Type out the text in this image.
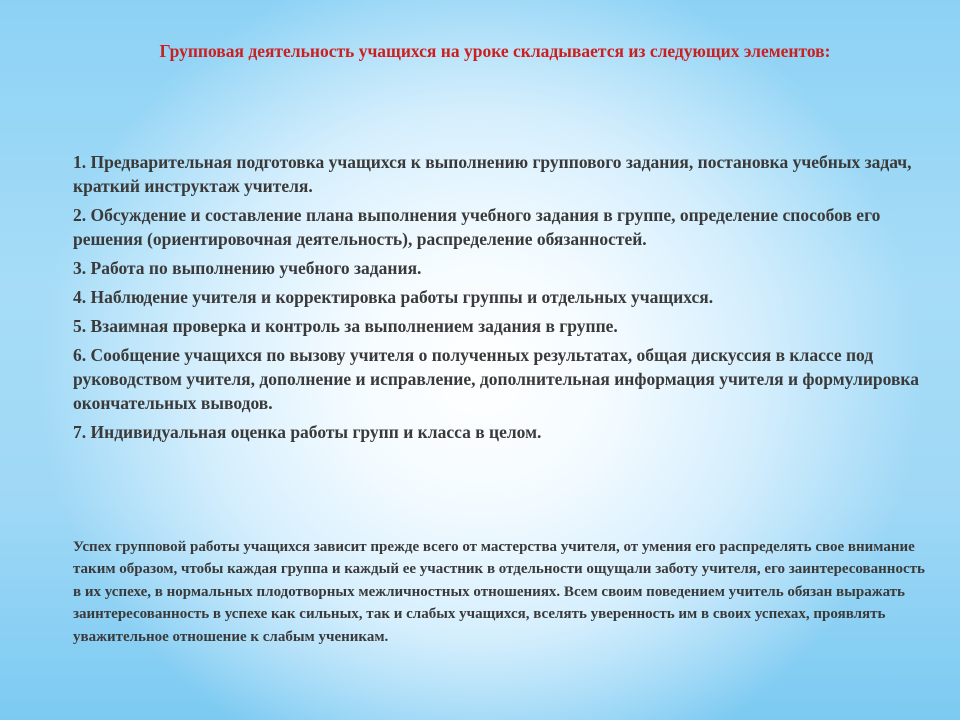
Групповая деятельность учащихся на уроке складывается из следующих элементов:
1. Предварительная подготовка учащихся к выполнению группового задания, постановка учебных задач, краткий инструктаж учителя.
2. Обсуждение и составление плана выполнения учебного задания в группе, определение способов его решения (ориентировочная деятельность), распределение обязанностей.
3. Работа по выполнению учебного задания.
4. Наблюдение учителя и корректировка работы группы и отдельных учащихся.
5. Взаимная проверка и контроль за выполнением задания в группе.
6. Сообщение учащихся по вызову учителя о полученных результатах, общая дискуссия в классе под руководством учителя, дополнение и исправление, дополнительная информация учителя и формулировка окончательных выводов.
7. Индивидуальная оценка работы групп и класса в целом.
Успех групповой работы учащихся зависит прежде всего от мастерства учителя, от умения его распределять свое внимание таким образом, чтобы каждая группа и каждый ее участник в отдельности ощущали заботу учителя, его заинтересованность в их успехе, в нормальных плодотворных межличностных отношениях. Всем своим поведением учитель обязан выражать заинтересованность в успехе как сильных, так и слабых учащихся, вселять уверенность им в своих успехах, проявлять уважительное отношение к слабым ученикам.
